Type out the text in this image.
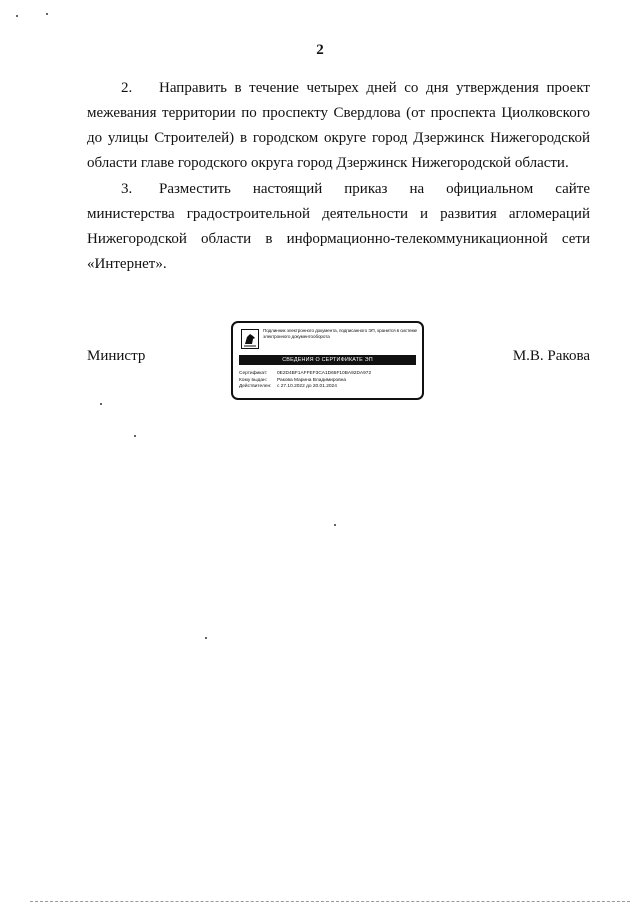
2
2. Направить в течение четырех дней со дня утверждения проект межевания территории по проспекту Свердлова (от проспекта Циолковского до улицы Строителей) в городском округе город Дзержинск Нижегородской области главе городского округа город Дзержинск Нижегородской области.
3. Разместить настоящий приказ на официальном сайте министерства градостроительной деятельности и развития агломераций Нижегородской области в информационно-телекоммуникационной сети «Интернет».
Министр	М.В. Ракова
Подлинник электронного документа, подписанного ЭП, хранится в системе электронного документооборота
СВЕДЕНИЯ О СЕРТИФИКАТЕ ЭП
Сертификат: 0E2D4BF1AFFEF3CA1D65F10BA92DA972
Кому выдан: Ракова Марина Владимировна
Действителен: с 27.10.2022 до 20.01.2024
